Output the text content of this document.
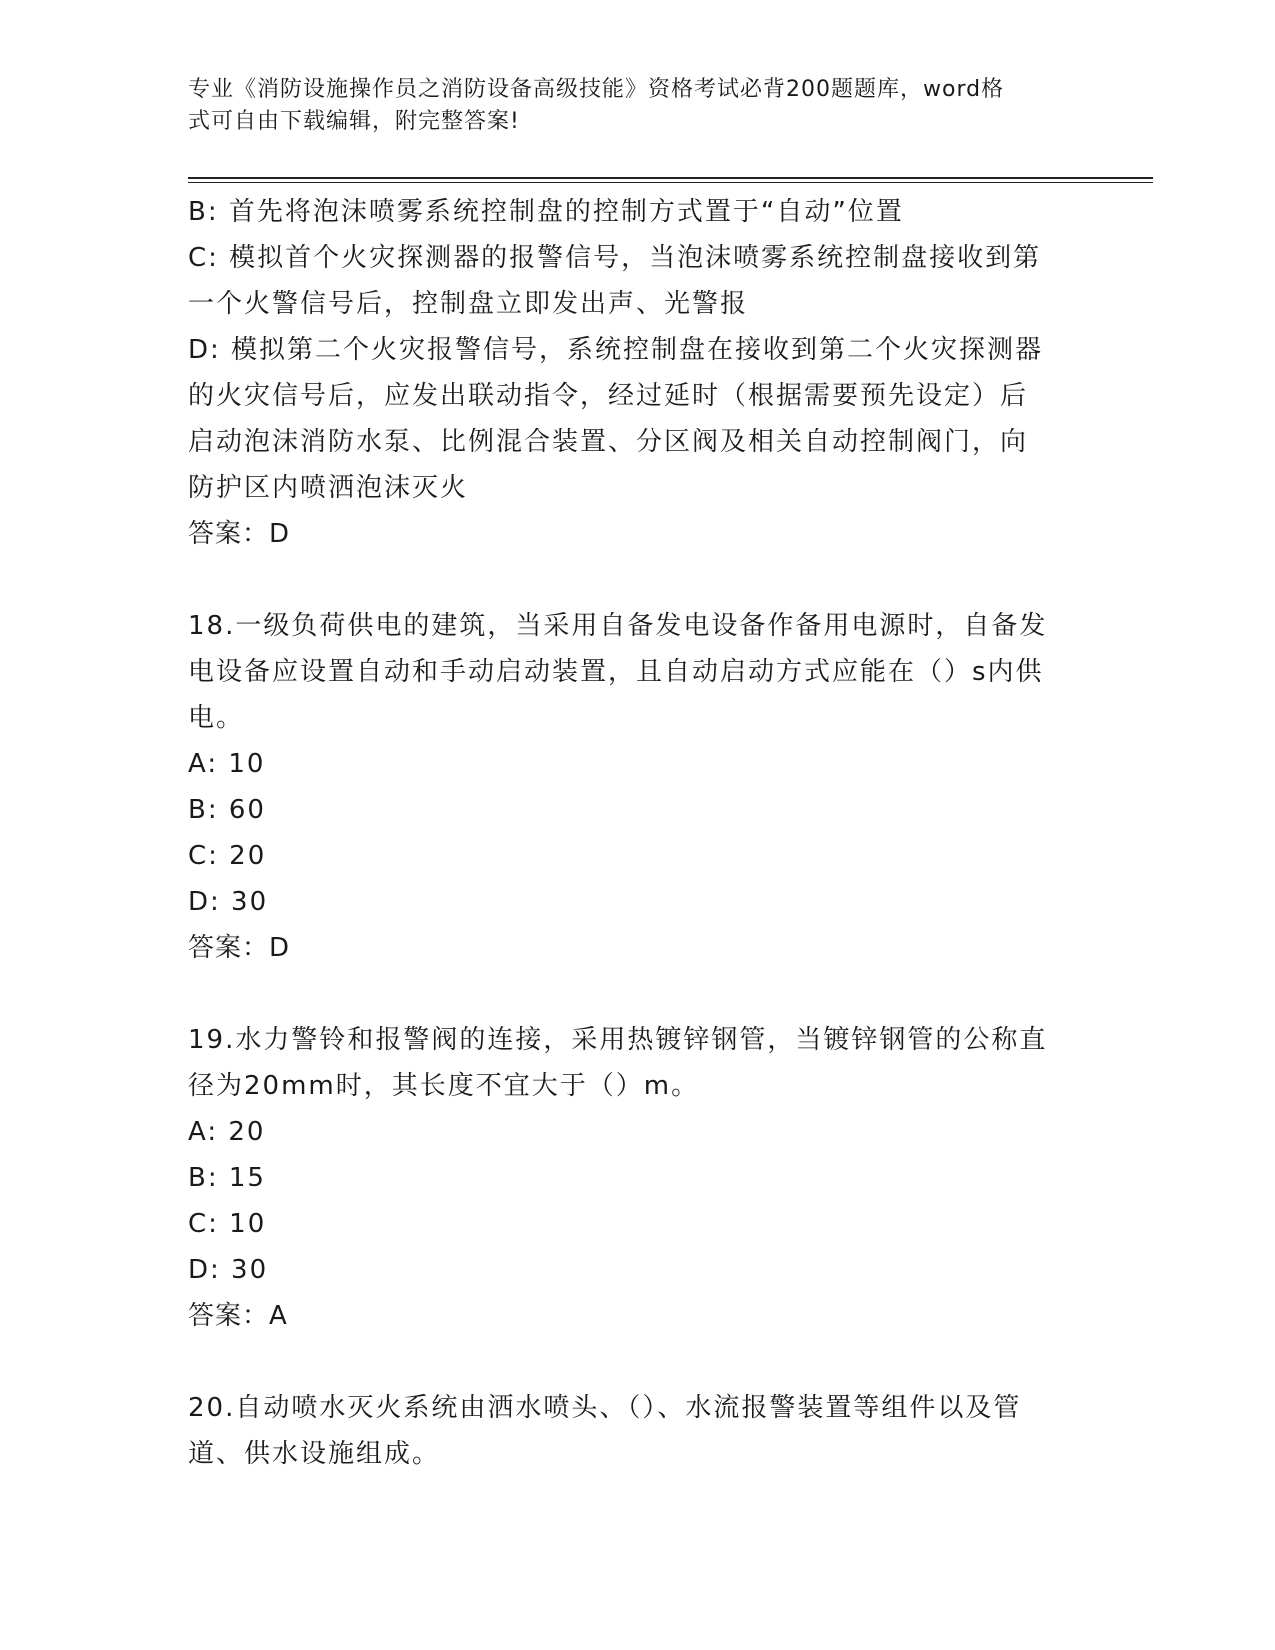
专业《消防设施操作员之消防设备高级技能》资格考试必背200题题库，word格
式可自由下载编辑，附完整答案!
B: 首先将泡沫喷雾系统控制盘的控制方式置于“自动”位置
C: 模拟首个火灾探测器的报警信号，当泡沫喷雾系统控制盘接收到第
一个火警信号后，控制盘立即发出声、光警报
D: 模拟第二个火灾报警信号，系统控制盘在接收到第二个火灾探测器
的火灾信号后，应发出联动指令，经过延时（根据需要预先设定）后
启动泡沫消防水泵、比例混合装置、分区阀及相关自动控制阀门，向
防护区内喷洒泡沫灭火
答案：D
18.一级负荷供电的建筑，当采用自备发电设备作备用电源时，自备发
电设备应设置自动和手动启动装置，且自动启动方式应能在（）s内供
电。
A: 10
B: 60
C: 20
D: 30
答案：D
19.水力警铃和报警阀的连接，采用热镀锌钢管，当镀锌钢管的公称直
径为20mm时，其长度不宜大于（）m。
A: 20
B: 15
C: 10
D: 30
答案：A
20.自动喷水灭火系统由洒水喷头、（）、水流报警装置等组件以及管
道、供水设施组成。
